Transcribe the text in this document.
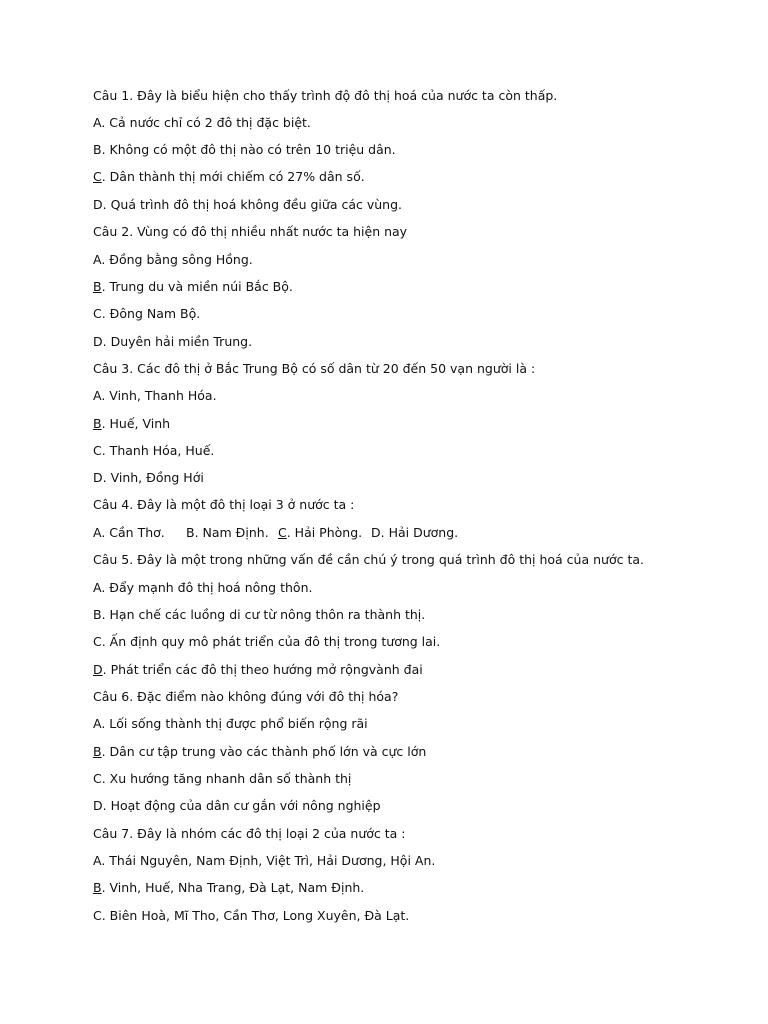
Câu 1. Đây là biểu hiện cho thấy trình độ đô thị hoá của nước ta còn thấp.
A. Cả nước chỉ có 2 đô thị đặc biệt.
B. Không có một đô thị nào có trên 10 triệu dân.
C. Dân thành thị mới chiếm có 27% dân số.
D. Quá trình đô thị hoá không đều giữa các vùng.
Câu 2. Vùng có đô thị nhiều nhất nước ta hiện nay
A. Đồng bằng sông Hồng.
B. Trung du và miền núi Bắc Bộ.
C. Đông Nam Bộ.
D. Duyên hải miền Trung.
Câu 3. Các đô thị ở Bắc Trung Bộ có số dân từ 20 đến 50 vạn người là :
A. Vinh, Thanh Hóa.
B. Huế, Vinh
C. Thanh Hóa, Huế.
D. Vinh, Đồng Hới
Câu 4. Đây là một đô thị loại 3 ở nước ta :
A. Cần Thơ. B. Nam Định. C. Hải Phòng. D. Hải Dương.
Câu 5. Đây là một trong những vấn đề cần chú ý trong quá trình đô thị hoá của nước ta.
A. Đẩy mạnh đô thị hoá nông thôn.
B. Hạn chế các luồng di cư từ nông thôn ra thành thị.
C. Ấn định quy mô phát triển của đô thị trong tương lai.
D. Phát triển các đô thị theo hướng mở rộngvành đai
Câu 6. Đặc điểm nào không đúng với đô thị hóa?
A. Lối sống thành thị được phổ biến rộng rãi
B. Dân cư tập trung vào các thành phố lớn và cực lớn
C. Xu hướng tăng nhanh dân số thành thị
D. Hoạt động của dân cư gắn với nông nghiệp
Câu 7. Đây là nhóm các đô thị loại 2 của nước ta :
A. Thái Nguyên, Nam Định, Việt Trì, Hải Dương, Hội An.
B. Vinh, Huế, Nha Trang, Đà Lạt, Nam Định.
C. Biên Hoà, Mĩ Tho, Cần Thơ, Long Xuyên, Đà Lạt.
